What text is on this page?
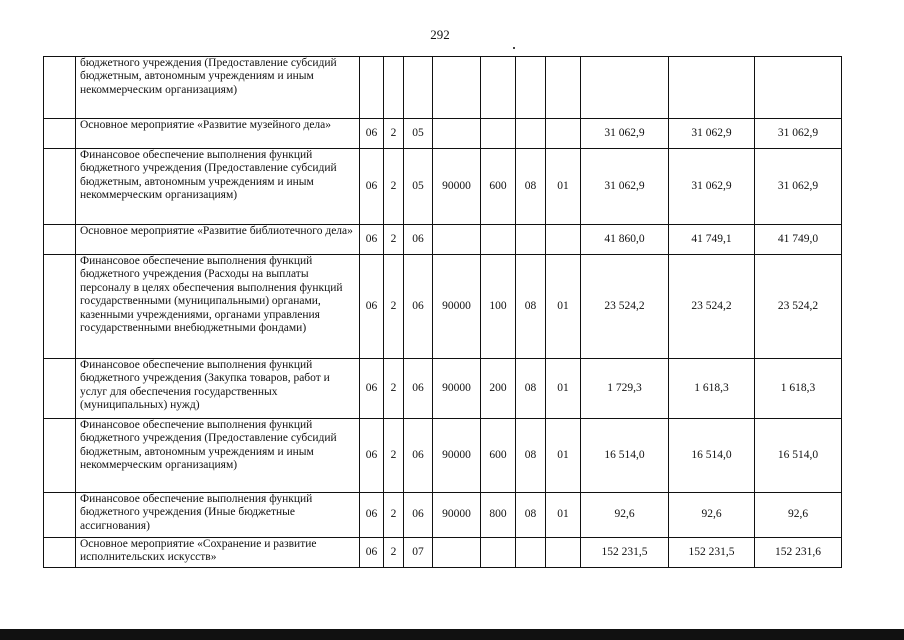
292
	бюджетного учреждения (Предоставление субсидий бюджетным, автономным учреждениям и иным некоммерческим организациям)										
	Основное мероприятие «Развитие музейного дела»	06	2	05					31 062,9	31 062,9	31 062,9
	Финансовое обеспечение выполнения функций бюджетного учреждения (Предоставление субсидий бюджетным, автономным учреждениям и иным некоммерческим организациям)	06	2	05	90000	600	08	01	31 062,9	31 062,9	31 062,9
	Основное мероприятие «Развитие библиотечного дела»	06	2	06					41 860,0	41 749,1	41 749,0
	Финансовое обеспечение выполнения функций бюджетного учреждения (Расходы на выплаты персоналу в целях обеспечения выполнения функций государственными (муниципальными) органами, казенными учреждениями, органами управления государственными внебюджетными фондами)	06	2	06	90000	100	08	01	23 524,2	23 524,2	23 524,2
	Финансовое обеспечение выполнения функций бюджетного учреждения (Закупка товаров, работ и услуг для обеспечения государственных (муниципальных) нужд)	06	2	06	90000	200	08	01	1 729,3	1 618,3	1 618,3
	Финансовое обеспечение выполнения функций бюджетного учреждения (Предоставление субсидий бюджетным, автономным учреждениям и иным некоммерческим организациям)	06	2	06	90000	600	08	01	16 514,0	16 514,0	16 514,0
	Финансовое обеспечение выполнения функций бюджетного учреждения (Иные бюджетные ассигнования)	06	2	06	90000	800	08	01	92,6	92,6	92,6
	Основное мероприятие «Сохранение и развитие исполнительских искусств»	06	2	07					152 231,5	152 231,5	152 231,6
